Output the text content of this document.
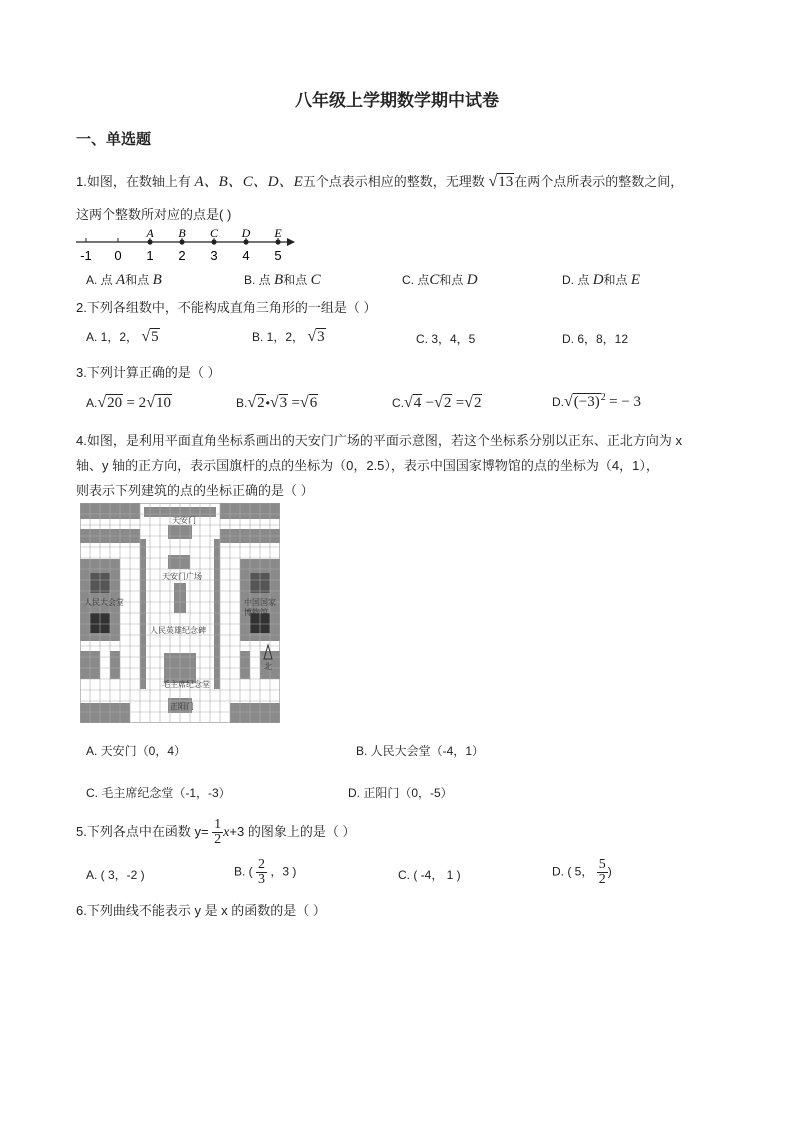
八年级上学期数学期中试卷
一、单选题
1.如图，在数轴上有 A、B、C、D、E五个点表示相应的整数，无理数 √13在两个点所表示的整数之间，
这两个整数所对应的点是( )
-1 0 1 2 3 4 5
A B C D E
A. 点 A和点 B	B. 点 B和点 C	C. 点C和点 D	D. 点 D和点 E
2.下列各组数中，不能构成直角三角形的一组是（ ）
A. 1，2， √5	B. 1，2， √3	C. 3，4，5	D. 6，8，12
3.下列计算正确的是（ ）
A.√20 = 2√10	B.√2•√3 =√6	C.√4 −√2 =√2	$D.√(-3)^2$ = − 3
4.如图，是利用平面直角坐标系画出的天安门广场的平面示意图，若这个坐标系分别以正东、正北方向为 x
轴、y 轴的正方向，表示国旗杆的点的坐标为（0，2.5），表示中国国家博物馆的点的坐标为（4，1），
则表示下列建筑的点的坐标正确的是（ ）
天安门
天安门广场
人民大会堂	中国国家
博物馆
人民英雄纪念碑
毛主席纪念堂
正阳门
北
A. 天安门（0，4）	B. 人民大会堂（-4，1）
C. 毛主席纪念堂（-1，-3）	D. 正阳门（0，-5）
5.下列各点中在函数 $y= \frac{1}{2} x+3$ 的图象上的是（ ）
A. ( 3，-2 )	B. ( $\frac{2}{3}$ ，3 )	C. ( -4， 1 )	D. ( 5， $\frac{5}{2}$ )
6.下列曲线不能表示 y 是 x 的函数的是（ ）
